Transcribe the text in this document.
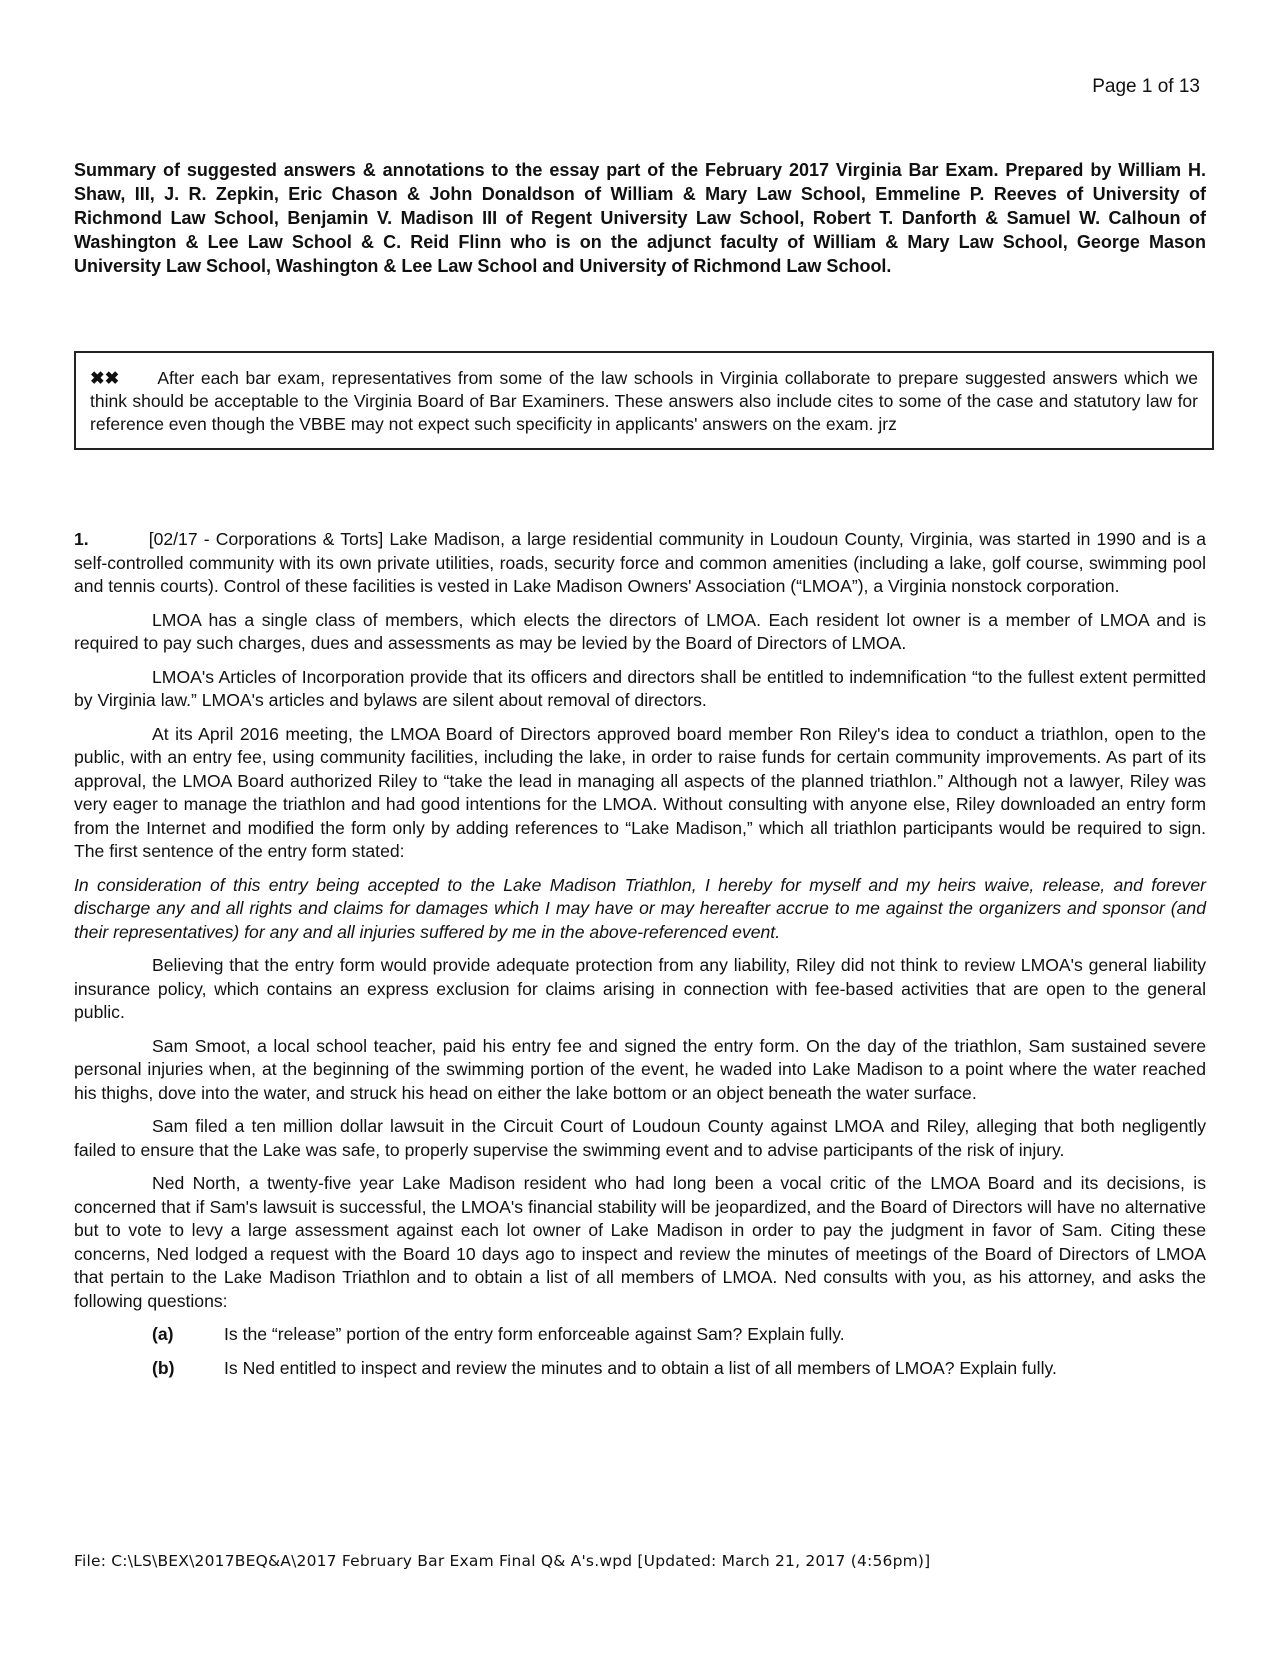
Page 1 of 13

Summary of suggested answers & annotations to the essay part of the February 2017 Virginia Bar Exam. Prepared by William H. Shaw, III, J. R. Zepkin, Eric Chason & John Donaldson of William & Mary Law School, Emmeline P. Reeves of University of Richmond Law School, Benjamin V. Madison III of Regent University Law School, Robert T. Danforth & Samuel W. Calhoun of Washington & Lee Law School & C. Reid Flinn who is on the adjunct faculty of William & Mary Law School, George Mason University Law School, Washington & Lee Law School and University of Richmond Law School.

✖✖ After each bar exam, representatives from some of the law schools in Virginia collaborate to prepare suggested answers which we think should be acceptable to the Virginia Board of Bar Examiners. These answers also include cites to some of the case and statutory law for reference even though the VBBE may not expect such specificity in applicants' answers on the exam. jrz

1.	[02/17 - Corporations & Torts] Lake Madison, a large residential community in Loudoun County, Virginia, was started in 1990 and is a self-controlled community with its own private utilities, roads, security force and common amenities (including a lake, golf course, swimming pool and tennis courts). Control of these facilities is vested in Lake Madison Owners' Association (“LMOA”), a Virginia nonstock corporation.

LMOA has a single class of members, which elects the directors of LMOA. Each resident lot owner is a member of LMOA and is required to pay such charges, dues and assessments as may be levied by the Board of Directors of LMOA.

LMOA's Articles of Incorporation provide that its officers and directors shall be entitled to indemnification “to the fullest extent permitted by Virginia law.” LMOA's articles and bylaws are silent about removal of directors.

At its April 2016 meeting, the LMOA Board of Directors approved board member Ron Riley's idea to conduct a triathlon, open to the public, with an entry fee, using community facilities, including the lake, in order to raise funds for certain community improvements. As part of its approval, the LMOA Board authorized Riley to “take the lead in managing all aspects of the planned triathlon.” Although not a lawyer, Riley was very eager to manage the triathlon and had good intentions for the LMOA. Without consulting with anyone else, Riley downloaded an entry form from the Internet and modified the form only by adding references to “Lake Madison,” which all triathlon participants would be required to sign. The first sentence of the entry form stated:

In consideration of this entry being accepted to the Lake Madison Triathlon, I hereby for myself and my heirs waive, release, and forever discharge any and all rights and claims for damages which I may have or may hereafter accrue to me against the organizers and sponsor (and their representatives) for any and all injuries suffered by me in the above-referenced event.

Believing that the entry form would provide adequate protection from any liability, Riley did not think to review LMOA's general liability insurance policy, which contains an express exclusion for claims arising in connection with fee-based activities that are open to the general public.

Sam Smoot, a local school teacher, paid his entry fee and signed the entry form. On the day of the triathlon, Sam sustained severe personal injuries when, at the beginning of the swimming portion of the event, he waded into Lake Madison to a point where the water reached his thighs, dove into the water, and struck his head on either the lake bottom or an object beneath the water surface.

Sam filed a ten million dollar lawsuit in the Circuit Court of Loudoun County against LMOA and Riley, alleging that both negligently failed to ensure that the Lake was safe, to properly supervise the swimming event and to advise participants of the risk of injury.

Ned North, a twenty-five year Lake Madison resident who had long been a vocal critic of the LMOA Board and its decisions, is concerned that if Sam's lawsuit is successful, the LMOA's financial stability will be jeopardized, and the Board of Directors will have no alternative but to vote to levy a large assessment against each lot owner of Lake Madison in order to pay the judgment in favor of Sam. Citing these concerns, Ned lodged a request with the Board 10 days ago to inspect and review the minutes of meetings of the Board of Directors of LMOA that pertain to the Lake Madison Triathlon and to obtain a list of all members of LMOA. Ned consults with you, as his attorney, and asks the following questions:

(a)	Is the “release” portion of the entry form enforceable against Sam? Explain fully.
(b)	Is Ned entitled to inspect and review the minutes and to obtain a list of all members of LMOA? Explain fully.
File: C:\LS\BEX\2017BEQ&A\2017 February Bar Exam Final Q& A's.wpd [Updated: March 21, 2017 (4:56pm)]
